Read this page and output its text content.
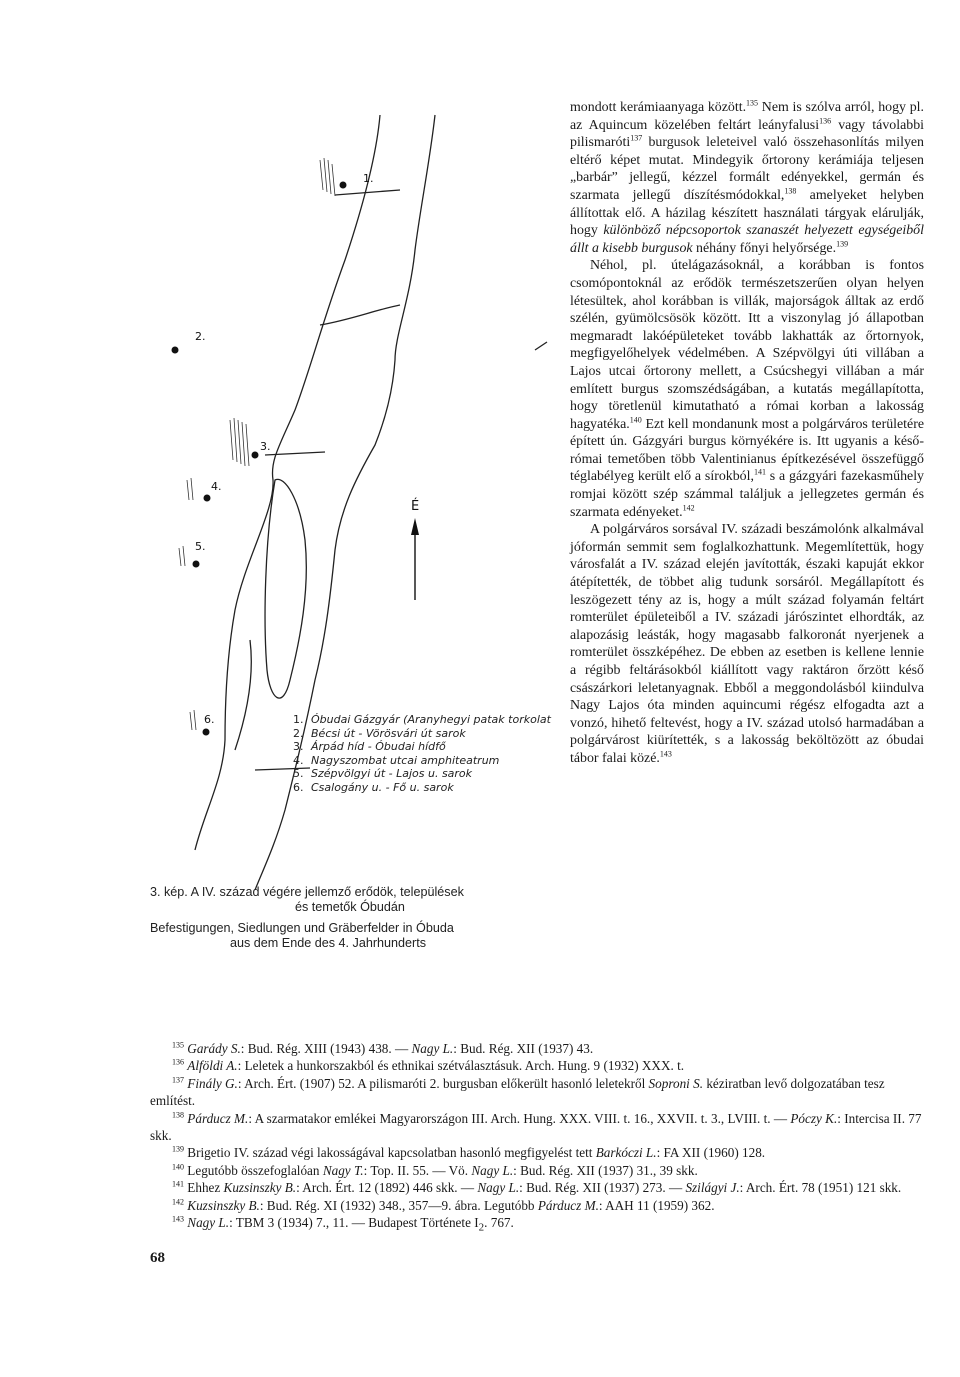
1.
2.
3.
4.
5.
6.
É
1. Óbudai Gázgyár (Aranyhegyi patak torkolat
2. Bécsi út - Vörösvári út sarok
3. Árpád híd - Óbudai hídfő
4. Nagyszombat utcai amphiteatrum
5. Szépvölgyi út - Lajos u. sarok
6. Csalogány u. - Fő u. sarok
3. kép. A IV. század végére jellemző erődök, települések
és temetők Óbudán
Befestigungen, Siedlungen und Gräberfelder in Óbuda
aus dem Ende des 4. Jahrhunderts

mondott kerámiaanyaga között.$^{135}$ Nem is szólva arról, hogy pl. az Aquincum közelében feltárt leányfalusi$^{136}$ vagy távolabbi pilismaróti$^{137}$ burgusok leleteivel való összehasonlítás milyen eltérő képet mutat. Mindegyik őrtorony kerámiája teljesen „barbár” jellegű, kézzel formált edényekkel, germán és szarmata jellegű díszítésmódokkal,$^{138}$ amelyeket helyben állítottak elő. A házilag készített használati tárgyak elárulják, hogy különböző népcsoportok szanaszét helyezett egységeiből állt a kisebb burgusok néhány főnyi helyőrsége.$^{139}$

Néhol, pl. útelágazásoknál, a korábban is fontos csomópontoknál az erődök természetszerűen olyan helyen létesültek, ahol korábban is villák, majorságok álltak az erdő szélén, gyümölcsösök között. Itt a viszonylag jó állapotban megmaradt lakóépületeket tovább lakhatták az őrtornyok, megfigyelőhelyek védelmében. A Szépvölgyi úti villában a Lajos utcai őrtorony mellett, a Csúcshegyi villában a már említett burgus szomszédságában, a kutatás megállapította, hogy töretlenül kimutatható a római korban a lakosság hagyatéka.$^{140}$ Ezt kell mondanunk most a polgárváros területére épített ún. Gázgyári burgus környékére is. Itt ugyanis a késő-római temetőben több Valentinianus építkezésével összefüggő téglabélyeg került elő a sírokból,$^{141}$ s a gázgyári fazekasműhely romjai között szép számmal találjuk a jellegzetes germán és szarmata edényeket.$^{142}$

A polgárváros sorsával IV. századi beszámolónk alkalmával jóformán semmit sem foglalkozhattunk. Megemlítettük, hogy városfalát a IV. század elején javították, északi kapuját ekkor átépítették, de többet alig tudunk sorsáról. Megállapított és leszögezett tény az is, hogy a múlt század folyamán feltárt romterület épületeiből a IV. századi járószintet elhordták, az alapozásig leásták, hogy magasabb falkoronát nyerjenek a romterület összképéhez. De ebben az esetben is kellene lennie a régibb feltárásokból kiállított vagy raktáron őrzött késő császárkori leletanyagnak. Ebből a meggondolásból kiindulva Nagy Lajos óta minden aquincumi régész elfogadta azt a vonzó, hihető feltevést, hogy a IV. század utolsó harmadában a polgárvárost kiürítették, s a lakosság beköltözött az óbudai tábor falai közé.$^{143}$

$^{135}$ Garády S.: Bud. Rég. XIII (1943) 438. — Nagy L.: Bud. Rég. XII (1937) 43.

$^{136}$ Alföldi A.: Leletek a hunkorszakból és ethnikai szétválasztásuk. Arch. Hung. 9 (1932) XXX. t.

$^{137}$ Finály G.: Arch. Ért. (1907) 52. A pilismaróti 2. burgusban előkerült hasonló leletekről Soproni S. kéziratban levő dolgozatában tesz említést.

$^{138}$ Párducz M.: A szarmatakor emlékei Magyarországon III. Arch. Hung. XXX. VIII. t. 16., XXVII. t. 3., LVIII. t. — Póczy K.: Intercisa II. 77 skk.

$^{139}$ Brigetio IV. század végi lakosságával kapcsolatban hasonló megfigyelést tett Barkóczi L.: FA XII (1960) 128.

$^{140}$ Legutóbb összefoglalóan Nagy T.: Top. II. 55. — Vö. Nagy L.: Bud. Rég. XII (1937) 31., 39 skk.

$^{141}$ Ehhez Kuzsinszky B.: Arch. Ért. 12 (1892) 446 skk. — Nagy L.: Bud. Rég. XII (1937) 273. — Szilágyi J.: Arch. Ért. 78 (1951) 121 skk.

$^{142}$ Kuzsinszky B.: Bud. Rég. XI (1932) 348., 357—9. ábra. Legutóbb Párducz M.: AAH 11 (1959) 362.

$^{143}$ Nagy L.: TBM 3 (1934) 7., 11. — Budapest Története $I_2$. 767.

68
